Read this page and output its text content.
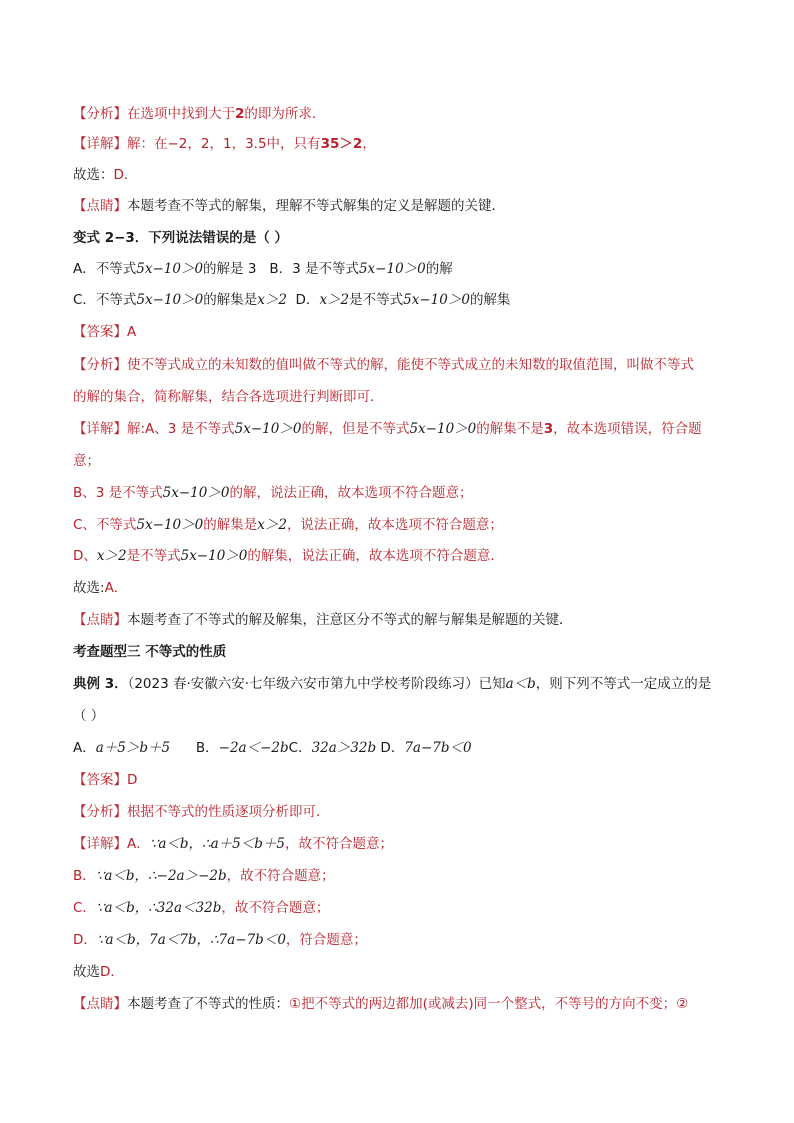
【分析】在选项中找到大于2的即为所求．
【详解】解：在−2，2，1，3.5中，只有35＞2，
故选：D．
【点睛】本题考查不等式的解集，理解不等式解集的定义是解题的关键．
变式 2−3．下列说法错误的是（ ）
A．不等式5x−10＞0的解是 3 B．3 是不等式5x−10＞0的解
C．不等式5x−10＞0的解集是x＞2 D．x＞2是不等式5x−10＞0的解集
【答案】A
【分析】使不等式成立的未知数的值叫做不等式的解，能使不等式成立的未知数的取值范围，叫做不等式
的解的集合，简称解集，结合各选项进行判断即可．
【详解】解:A、3 是不等式5x−10＞0的解，但是不等式5x−10＞0的解集不是3，故本选项错误，符合题
意；
B、3 是不等式5x−10＞0的解，说法正确，故本选项不符合题意；
C、不等式5x−10＞0的解集是x＞2，说法正确，故本选项不符合题意；
D、x＞2是不等式5x−10＞0的解集，说法正确，故本选项不符合题意．
故选:A．
【点睛】本题考查了不等式的解及解集，注意区分不等式的解与解集是解题的关键．
考查题型三 不等式的性质
典例 3．（2023 春·安徽六安·七年级六安市第九中学校考阶段练习）已知a＜b，则下列不等式一定成立的是
（ ）
A．a＋5＞b＋5 B．−2a＜−2bC．32a＞32b D．7a−7b＜0
【答案】D
【分析】根据不等式的性质逐项分析即可．
【详解】A．∵a＜b，∴a＋5＜b＋5，故不符合题意；
B．∵a＜b，∴−2a＞−2b，故不符合题意；
C．∵a＜b，∴32a＜32b，故不符合题意；
D．∵a＜b，7a＜7b，∴7a−7b＜0，符合题意；
故选D．
【点睛】本题考查了不等式的性质：①把不等式的两边都加(或减去)同一个整式，不等号的方向不变；②
